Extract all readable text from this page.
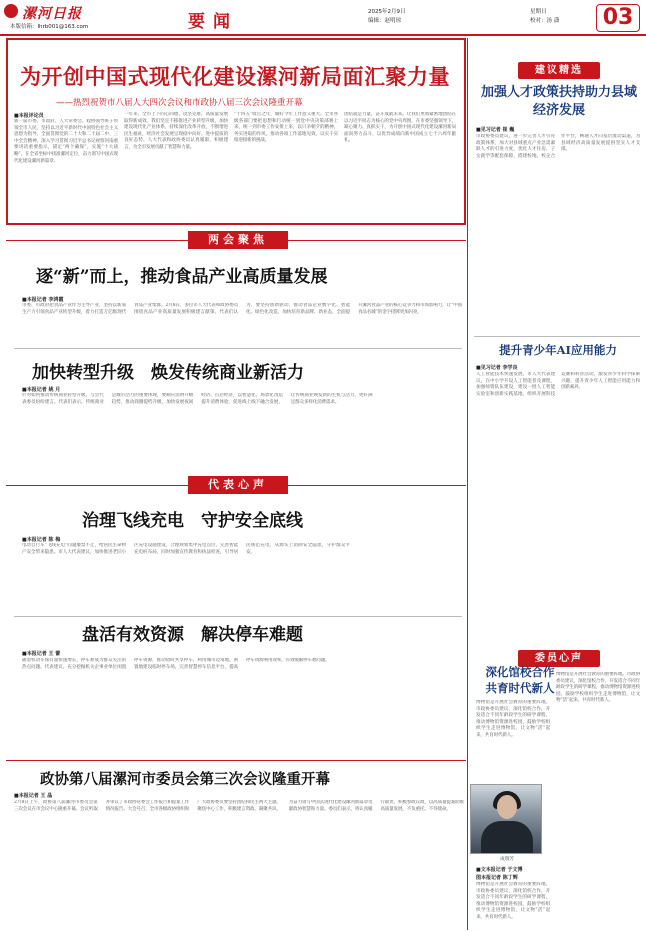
漯河日报
本版信箱：lhrb001@163.com	要闻	2025年2月9日
编辑：赵明琼
星期日
校对：汤 潇	03
为开创中国式现代化建设漯河新局面汇聚力量
——热烈祝贺市八届人大四次会议和市政协八届三次会议隆重开幕
■本报评论员
新一届市委、市政府、人大常委会、政协领导班子带领全市人民，坚持以习近平新时代中国特色社会主义思想为指导，全面贯彻党的二十大和二十届二中、三中全会精神，深入学习贯彻习近平总书记视察河南重要讲话重要指示，锚定“两个确保”，实施“十大战略”，在全省坐标中找准漯河定位，奋力谱写中国式现代化建设漯河新篇章。
一年来，全市上下同心同德、攻坚克难，高质量发展取得新成效。我们坚定不移推进产业转型升级，加快建设现代化产业体系，持续深化改革开放，不断增进民生福祉，经济社会发展呈现稳中向好、进中提质的良好态势。人大代表和政协委员认真履职、积极建言，为全市发展贡献了智慧和力量。
“十四五”收官之年，做好今年工作意义重大。全市各级各部门要把思想和行动统一到党中央决策部署上来，统一到市委工作安排上来，以只争朝夕的精神、务实进取的作风，推动各项工作落地见效，以实干实绩迎接新的挑战。
团结就是力量，奋斗成就未来。让我们更加紧密地团结在以习近平同志为核心的党中央周围，在市委坚强领导下，凝心聚力、真抓实干，为开创中国式现代化建设漯河新局面而努力奋斗，以优异成绩向新中国成立七十六周年献礼。
两会聚焦
逐“新”而上，推动食品产业高质量发展
■本报记者 李鸿霞
市委、市政府把食品产业作为主导产业，坚持以新质生产力引领食品产业转型升级，着力打造万亿级现代食品产业集群。2月8日，多位市人大代表和政协委员围绕食品产业高质量发展积极建言献策。代表们认为，要坚持创新驱动，推动食品企业数字化、智能化、绿色化改造，加快培育新品牌、新业态，全面提升漯河食品产业的核心竞争力和市场影响力，让“中国食品名城”的金字招牌更加闪亮。
加快转型升级　焕发传统商业新活力
■本报记者 姚 月
针对如何推动传统商业转型升级，与会代表委员纷纷建言。代表们表示，传统商业是城市活力的重要体现，要顺应消费升级趋势，推动商圈提档升级，加快发展夜间经济、首店经济，以智慧化、场景化改造提升消费体验，促进线上线下融合发展，让传统商业焕发新的生机与活力，更好满足群众多样化消费需求。
代表心声
治理飞线充电　守护安全底线
■本报记者 陈 梅
电动自行车“飞线充电”问题屡禁不止，给居民生命财产安全带来隐患。市人大代表建议，加快推进老旧小区充电设施建设，合理规划集中充电点位，完善智能充电桩布局，同时加强宣传教育和执法检查，引导居民规范充电，从源头上消除安全隐患，守护群众平安。
盘活有效资源　解决停车难题
■本报记者 王 蕾
随着机动车保有量快速增长，停车难成为群众关注的热点问题。代表建议，充分挖掘机关企事业单位闲置停车资源，推动错时共享停车，利用城市边角地、闲置地建设临时停车场，完善智慧停车信息平台，提高停车资源利用效率，有效缓解停车难问题。
政协第八届漯河市委员会第三次会议隆重开幕
■本报记者 王 晶
2月8日上午，政协第八届漯河市委员会第三次会议在市会议中心隆重开幕。会议听取并审议了市政协常委会工作报告和提案工作情况报告。大会号召，全市各级政协组织和广大政协委员要坚持团结和民主两大主题，聚焦中心工作，积极建言资政、凝聚共识，为奋力谱写中国式现代化建设漯河新篇章贡献政协智慧和力量。委员们表示，将认真履行职责，积极参政议政，以高质量提案助推高质量发展，不负重托、不辱使命。
建议精选
加强人才政策扶持助力县域经济发展
■见习记者 崔 巍
市政协委员建议，进一步完善人才引育政策体系，加大对县域重点产业急需紧缺人才的引进力度，优化人才住房、子女就学等配套保障，搭建校地、校企合作平台，畅通人才向基层流动渠道，为县域经济高质量发展提供坚实人才支撑。
提升青少年AI应用能力
■见习记者 李学良
人工智能技术快速发展，市人大代表建议，在中小学开设人工智能普及课程，加强师资队伍建设，建设一批人工智能实验室和创新实践基地，组织开展科技竞赛和科普活动，激发青少年科学探索兴趣，提升青少年人工智能应用能力和创新素养。
委员心声
深化馆校合作共育时代新人
博物馆是开展社会教育的重要阵地。市政协委员建议，深化馆校合作，开发适合不同年龄段学生的研学课程，推动博物馆资源进校园，鼓励学校组织学生走进博物馆，让文物“活”起来，共育时代新人。
博物馆是开展社会教育的重要阵地。市政协委员建议，深化馆校合作，开发适合不同年龄段学生的研学课程，推动博物馆资源进校园，鼓励学校组织学生走进博物馆，让文物“活”起来，共育时代新人。
成瑞芳
■文本报记者 于文博
图本报记者 陈丁辉
博物馆是开展社会教育的重要阵地。市政协委员建议，深化馆校合作，开发适合不同年龄段学生的研学课程，推动博物馆资源进校园，鼓励学校组织学生走进博物馆，让文物“活”起来，共育时代新人。
